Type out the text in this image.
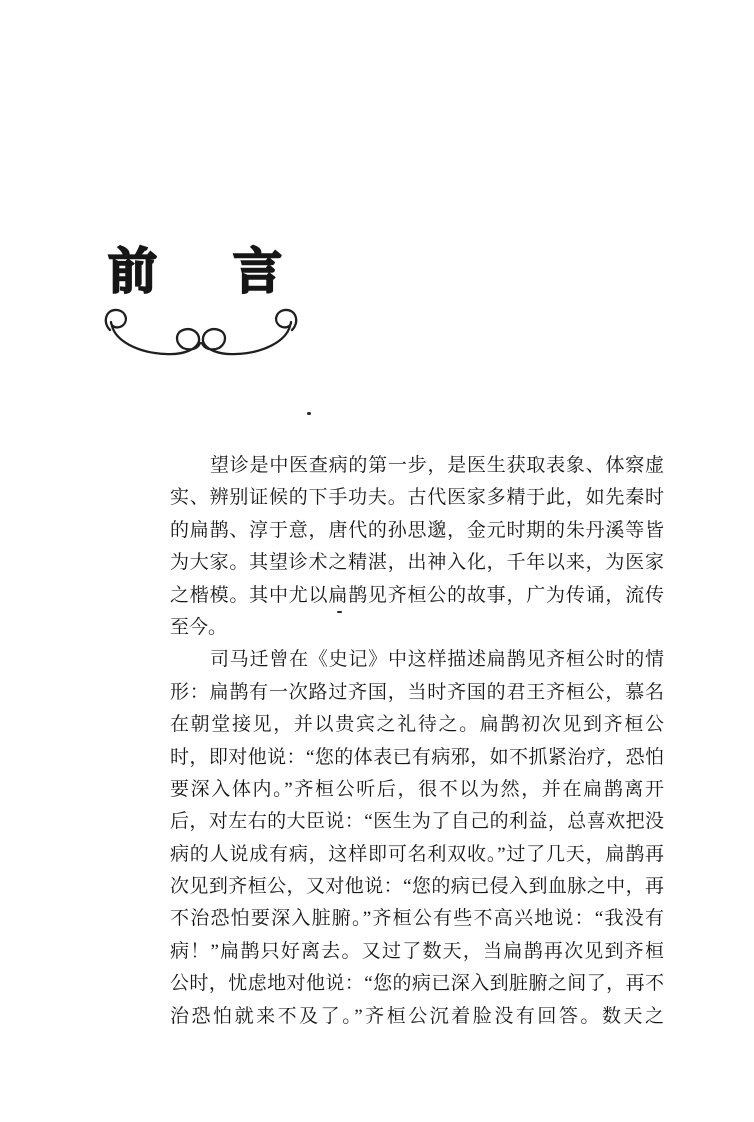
前 言
望诊是中医查病的第一步，是医生获取表象、体察虚
实、辨别证候的下手功夫。古代医家多精于此，如先秦时
的扁鹊、淳于意，唐代的孙思邈，金元时期的朱丹溪等皆
为大家。其望诊术之精湛，出神入化，千年以来，为医家
之楷模。其中尤以扁鹊见齐桓公的故事，广为传诵，流传
至今。
司马迁曾在《史记》中这样描述扁鹊见齐桓公时的情
形：扁鹊有一次路过齐国，当时齐国的君王齐桓公，慕名
在朝堂接见，并以贵宾之礼待之。扁鹊初次见到齐桓公
时，即对他说：“您的体表已有病邪，如不抓紧治疗，恐怕
要深入体内。”齐桓公听后，很不以为然，并在扁鹊离开
后，对左右的大臣说：“医生为了自己的利益，总喜欢把没
病的人说成有病，这样即可名利双收。”过了几天，扁鹊再
次见到齐桓公，又对他说：“您的病已侵入到血脉之中，再
不治恐怕要深入脏腑。”齐桓公有些不高兴地说：“我没有
病！”扁鹊只好离去。又过了数天，当扁鹊再次见到齐桓
公时，忧虑地对他说：“您的病已深入到脏腑之间了，再不
治恐怕就来不及了。”齐桓公沉着脸没有回答。数天之
